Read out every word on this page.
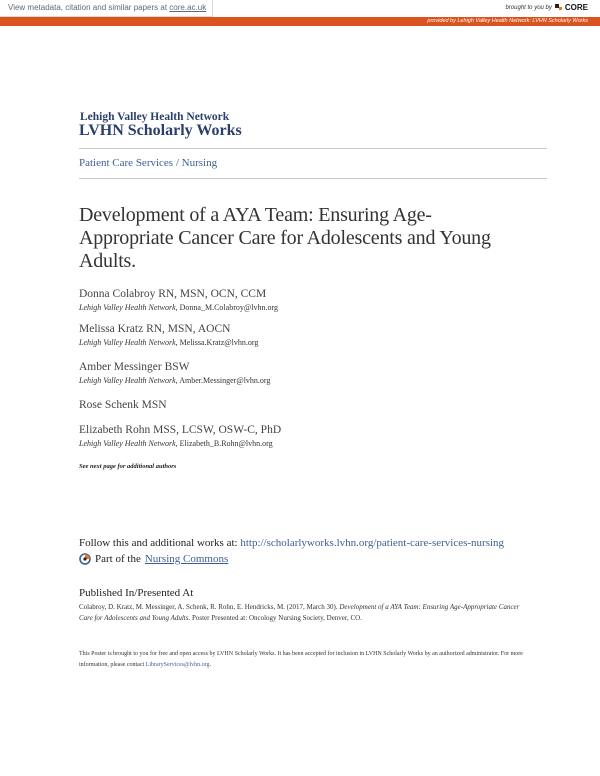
View metadata, citation and similar papers at core.ac.uk	brought to you by CORE
provided by Lehigh Valley Health Network: LVHN Scholarly Works
Lehigh Valley Health Network
LVHN Scholarly Works
Patient Care Services / Nursing
Development of a AYA Team: Ensuring Age-Appropriate Cancer Care for Adolescents and Young Adults.
Donna Colabroy RN, MSN, OCN, CCM
Lehigh Valley Health Network, Donna_M.Colabroy@lvhn.org
Melissa Kratz RN, MSN, AOCN
Lehigh Valley Health Network, Melissa.Kratz@lvhn.org
Amber Messinger BSW
Lehigh Valley Health Network, Amber.Messinger@lvhn.org
Rose Schenk MSN
Elizabeth Rohn MSS, LCSW, OSW-C, PhD
Lehigh Valley Health Network, Elizabeth_B.Rohn@lvhn.org
See next page for additional authors
Follow this and additional works at: http://scholarlyworks.lvhn.org/patient-care-services-nursing
Part of the Nursing Commons
Published In/Presented At
Colabroy, D. Kratz, M. Messinger, A. Schenk, R. Rohn, E. Hendricks, M. (2017, March 30). Development of a AYA Team: Ensuring Age-Appropriate Cancer Care for Adolescents and Young Adults. Poster Presented at: Oncology Nursing Society, Denver, CO.
This Poster is brought to you for free and open access by LVHN Scholarly Works. It has been accepted for inclusion in LVHN Scholarly Works by an authorized administrator. For more information, please contact LibraryServices@lvhn.org.
